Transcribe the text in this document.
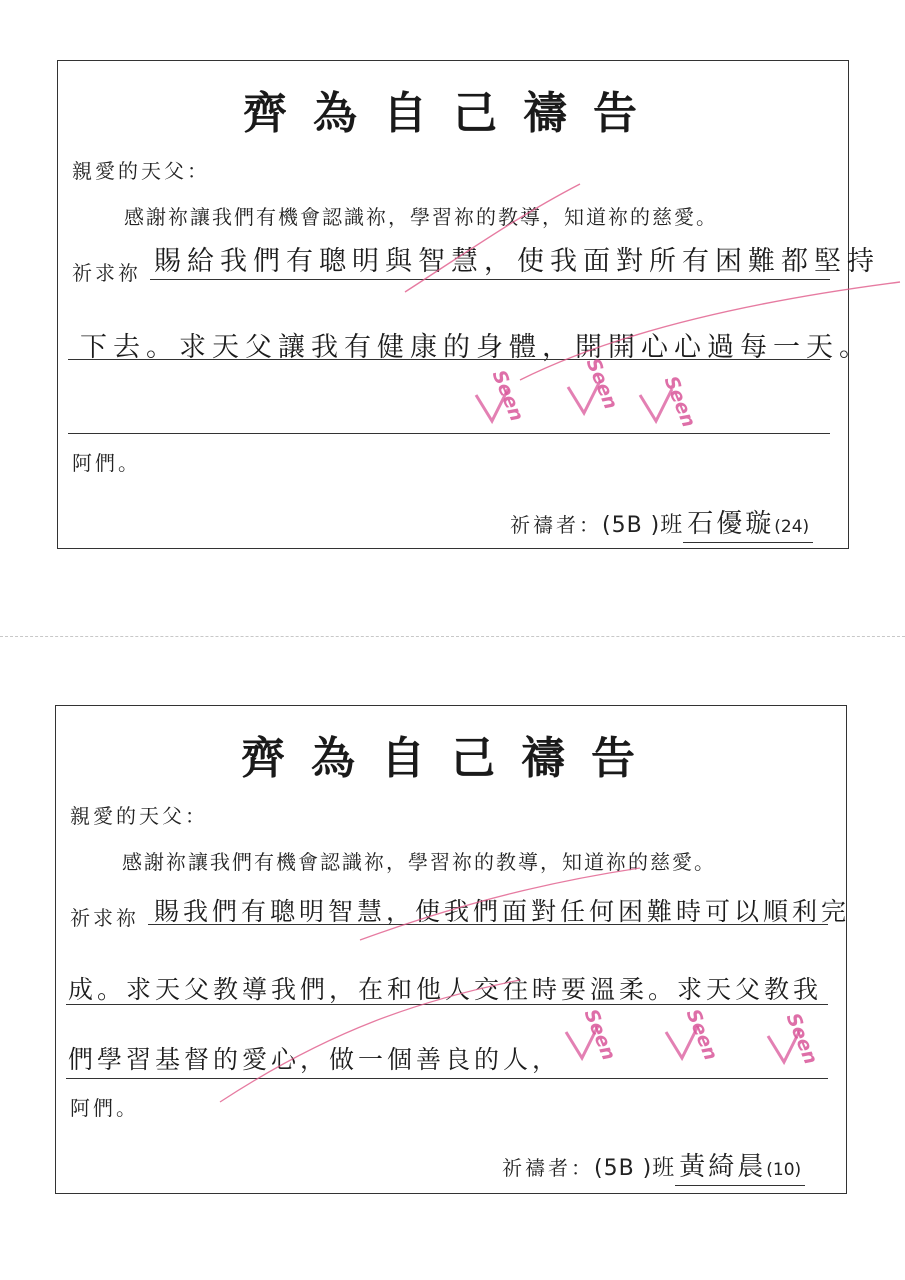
齊為自己禱告
親愛的天父：
感謝祢讓我們有機會認識祢，學習祢的教導，知道祢的慈愛。
祈求祢 賜給我們有聰明與智慧，使我面對所有困難都堅持
下去。求天父讓我有健康的身體，開開心心過每一天。
阿們。
祈禱者：(5B )班 石優璇(24)
Seen	Seen Seen
齊為自己禱告
親愛的天父：
感謝祢讓我們有機會認識祢，學習祢的教導，知道祢的慈愛。
祈求祢 賜我們有聰明智慧，使我們面對任何困難時可以順利完
成。求天父教導我們，在和他人交往時要溫柔。求天父教我
們學習基督的愛心，做一個善良的人，
阿們。
祈禱者：(5B )班 黃綺晨(10)
Seen	Seen	Seen
